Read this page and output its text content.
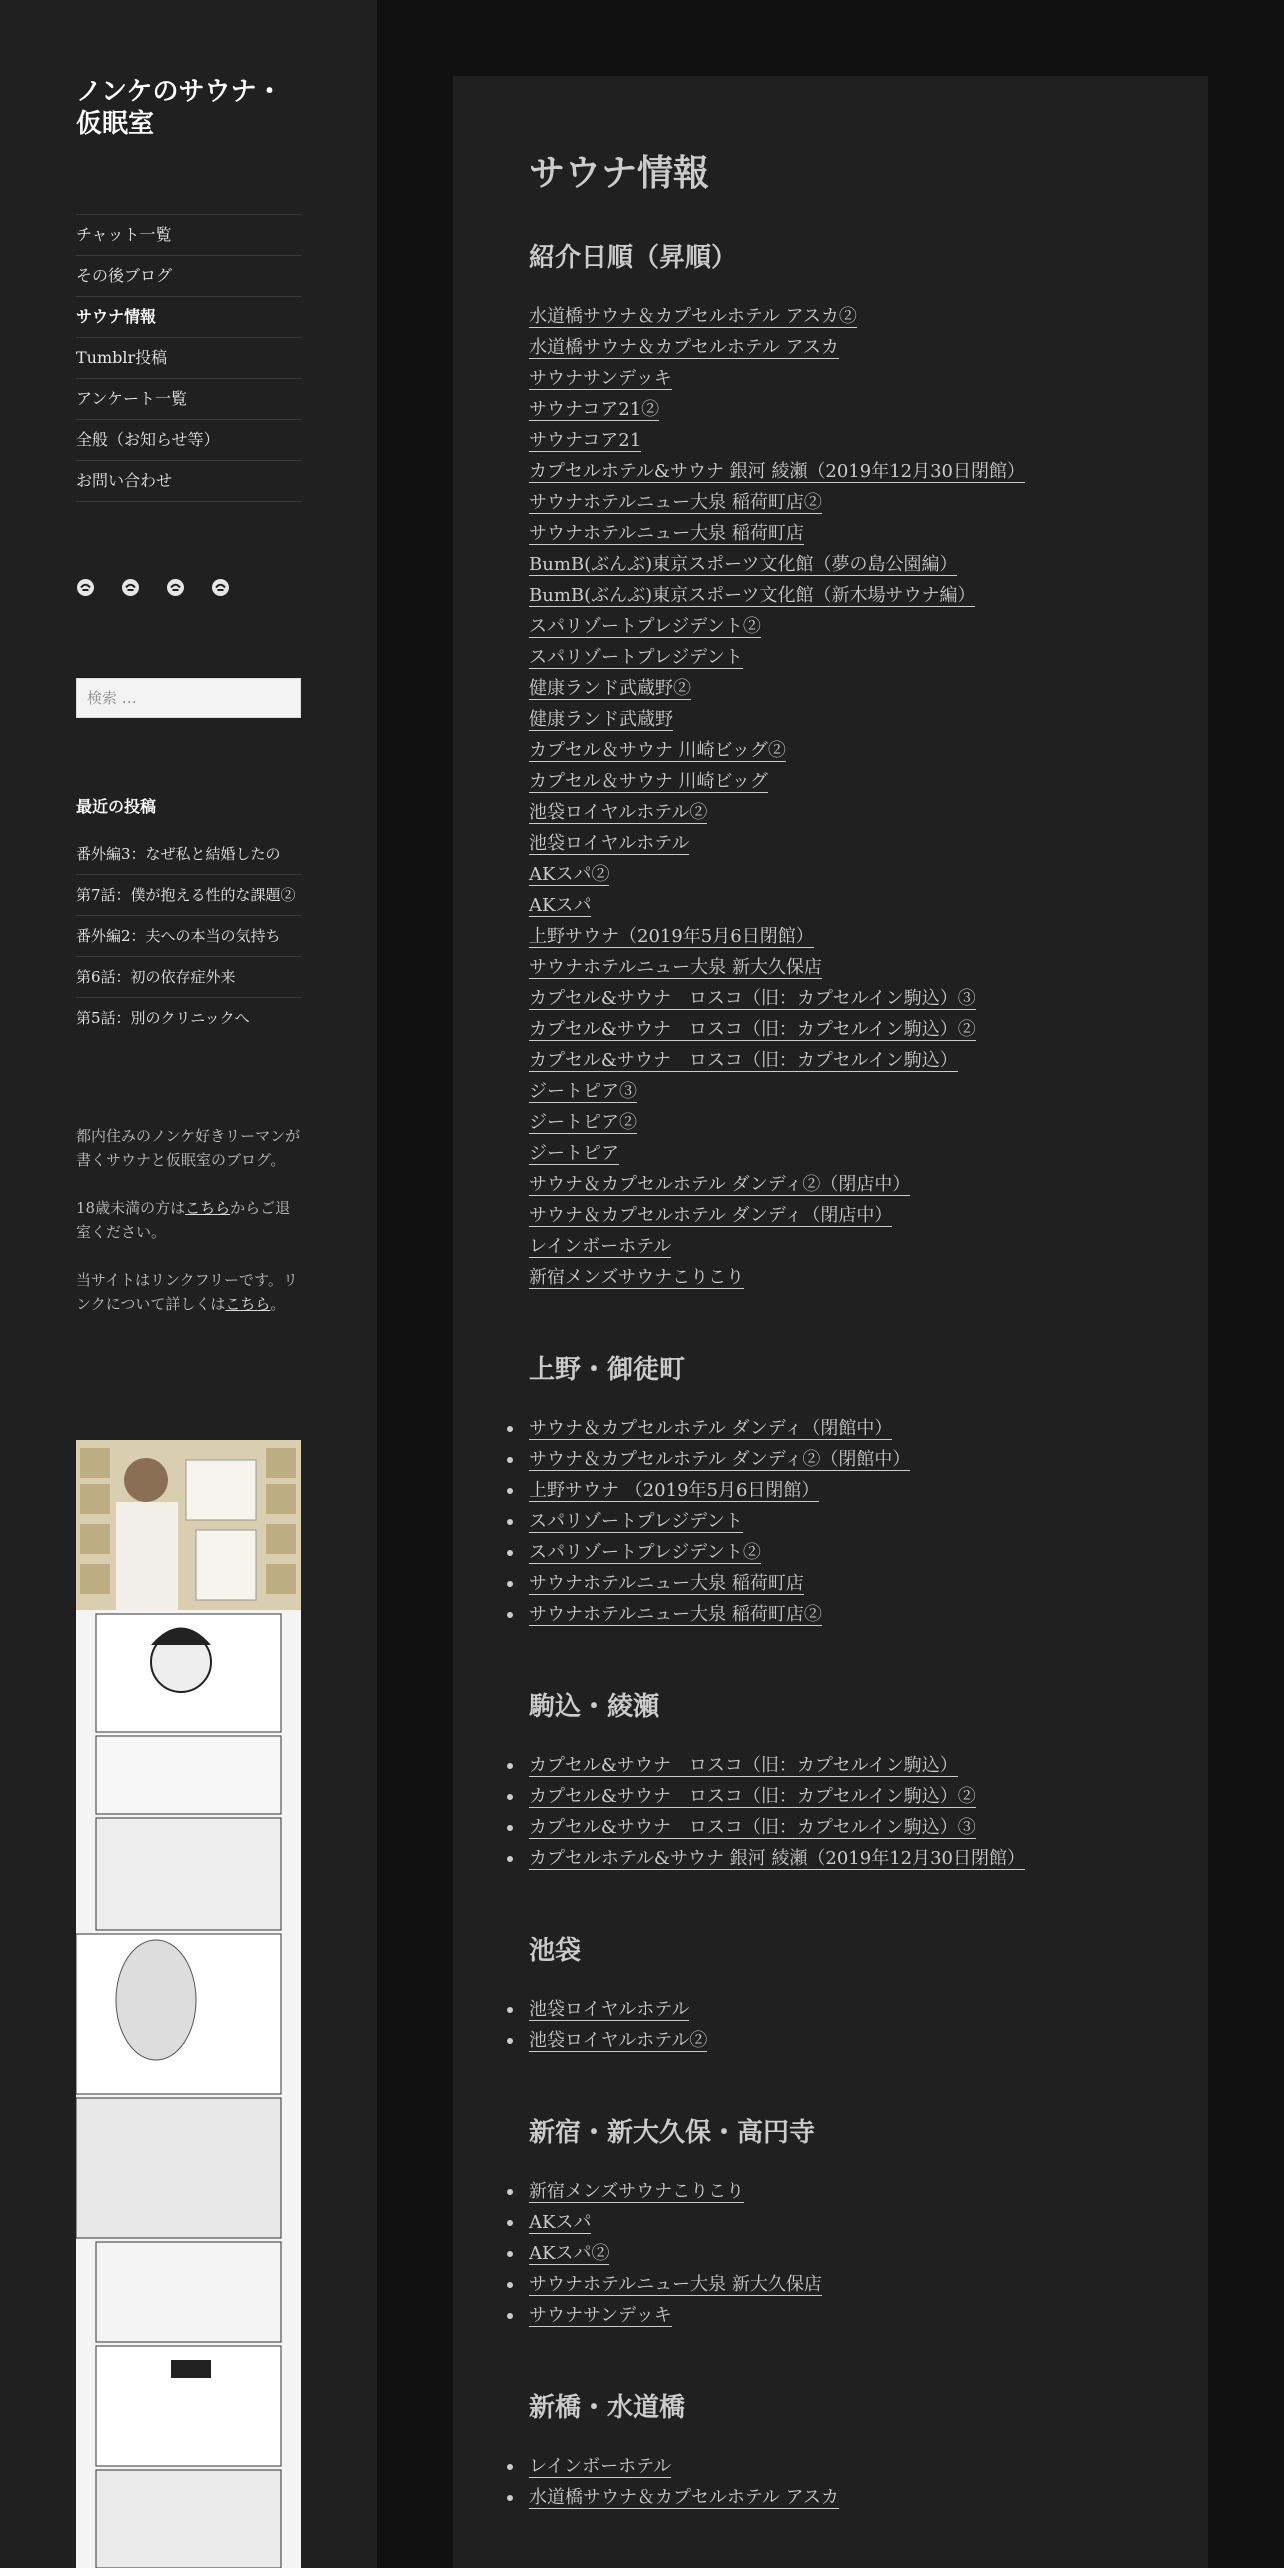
ノンケのサウナ・仮眠室
チャット一覧
その後ブログ
サウナ情報
Tumblr投稿
アンケート一覧
全般（お知らせ等）
お問い合わせ
検索 …
最近の投稿
番外編3：なぜ私と結婚したの
第7話：僕が抱える性的な課題②
番外編2：夫への本当の気持ち
第6話：初の依存症外来
第5話：別のクリニックへ

都内住みのノンケ好きリーマンが書くサウナと仮眠室のブログ。

18歳未満の方はこちらからご退室ください。

当サイトはリンクフリーです。リンクについて詳しくはこちら。

サウナ情報
紹介日順（昇順）
水道橋サウナ＆カプセルホテル アスカ②
水道橋サウナ＆カプセルホテル アスカ
サウナサンデッキ
サウナコア21②
サウナコア21
カプセルホテル&サウナ 銀河 綾瀬（2019年12月30日閉館）
サウナホテルニュー大泉 稲荷町店②
サウナホテルニュー大泉 稲荷町店
BumB(ぶんぶ)東京スポーツ文化館（夢の島公園編）
BumB(ぶんぶ)東京スポーツ文化館（新木場サウナ編）
スパリゾートプレジデント②
スパリゾートプレジデント
健康ランド武蔵野②
健康ランド武蔵野
カプセル＆サウナ 川崎ビッグ②
カプセル＆サウナ 川崎ビッグ
池袋ロイヤルホテル②
池袋ロイヤルホテル
AKスパ②
AKスパ
上野サウナ（2019年5月6日閉館）
サウナホテルニュー大泉 新大久保店
カプセル&サウナ　ロスコ（旧：カプセルイン駒込）③
カプセル&サウナ　ロスコ（旧：カプセルイン駒込）②
カプセル&サウナ　ロスコ（旧：カプセルイン駒込）
ジートピア③
ジートピア②
ジートピア
サウナ＆カプセルホテル ダンディ②（閉店中）
サウナ＆カプセルホテル ダンディ（閉店中）
レインボーホテル
新宿メンズサウナこりこり
上野・御徒町
サウナ＆カプセルホテル ダンディ（閉館中）
サウナ＆カプセルホテル ダンディ②（閉館中）
上野サウナ （2019年5月6日閉館）
スパリゾートプレジデント
スパリゾートプレジデント②
サウナホテルニュー大泉 稲荷町店
サウナホテルニュー大泉 稲荷町店②
駒込・綾瀬
カプセル&サウナ　ロスコ（旧：カプセルイン駒込）
カプセル&サウナ　ロスコ（旧：カプセルイン駒込）②
カプセル&サウナ　ロスコ（旧：カプセルイン駒込）③
カプセルホテル&サウナ 銀河 綾瀬（2019年12月30日閉館）
池袋
池袋ロイヤルホテル
池袋ロイヤルホテル②
新宿・新大久保・高円寺
新宿メンズサウナこりこり
AKスパ
AKスパ②
サウナホテルニュー大泉 新大久保店
サウナサンデッキ
新橋・水道橋
レインボーホテル
水道橋サウナ＆カプセルホテル アスカ
